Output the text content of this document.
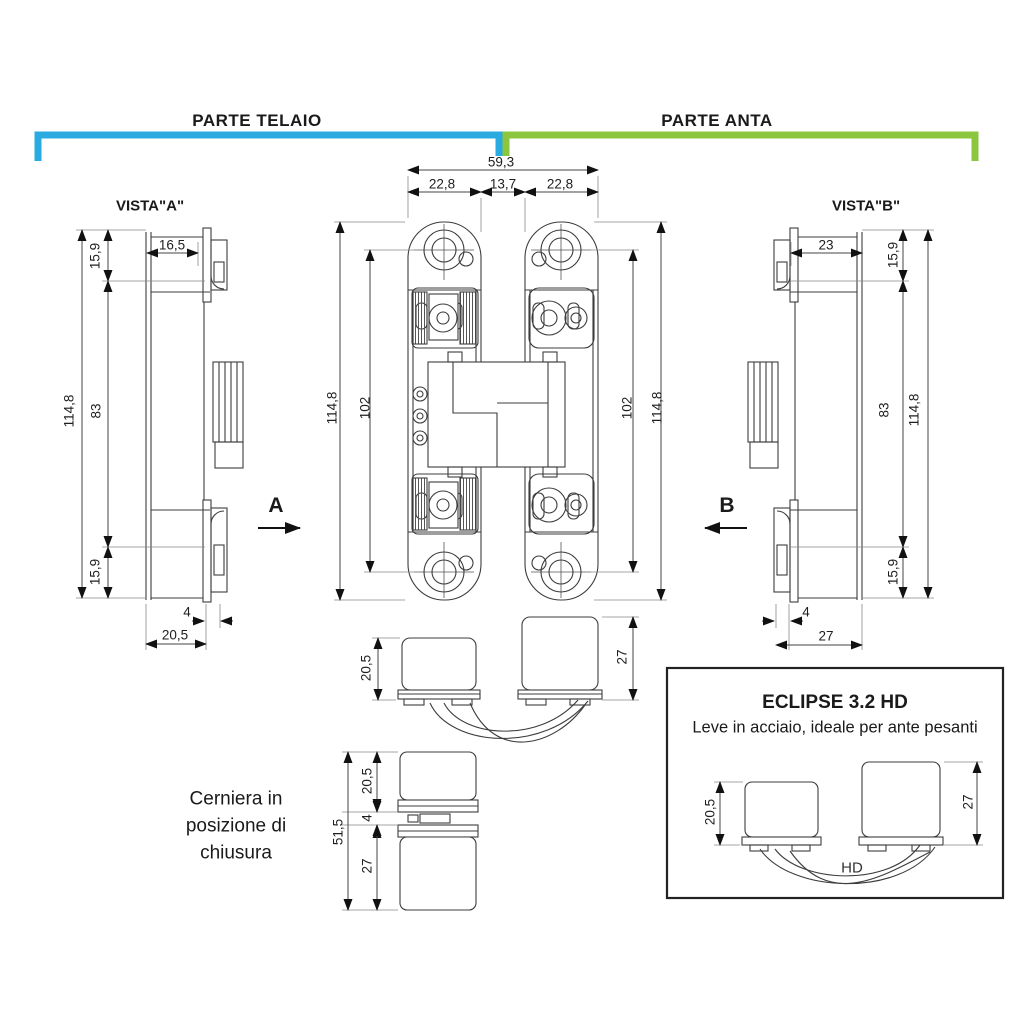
PARTE TELAIO	PARTE ANTA
VISTA"A"	VISTA"B"
A	B
Cerniera in
posizione di
chiusura
ECLIPSE 3.2 HD
Leve in acciaio, ideale per ante pesanti
HD
15,9	16,5
114,8 83
15,9
4
20,5
59,3
22,8	13,7 22,8
114,8 102	102 114,8
23	15,9
83 114,8
15,9
4
27
20,5	27
51,5
20,5
4
27
20,5	27
